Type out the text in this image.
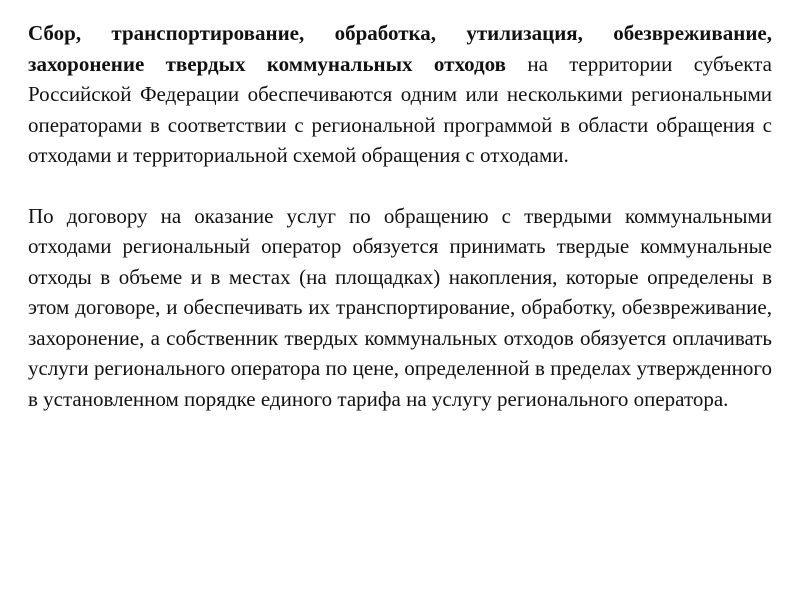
Сбор, транспортирование, обработка, утилизация, обезвреживание, захоронение твердых коммунальных отходов на территории субъекта Российской Федерации обеспечиваются одним или несколькими региональными операторами в соответствии с региональной программой в области обращения с отходами и территориальной схемой обращения с отходами.

По договору на оказание услуг по обращению с твердыми коммунальными отходами региональный оператор обязуется принимать твердые коммунальные отходы в объеме и в местах (на площадках) накопления, которые определены в этом договоре, и обеспечивать их транспортирование, обработку, обезвреживание, захоронение, а собственник твердых коммунальных отходов обязуется оплачивать услуги регионального оператора по цене, определенной в пределах утвержденного в установленном порядке единого тарифа на услугу регионального оператора.
